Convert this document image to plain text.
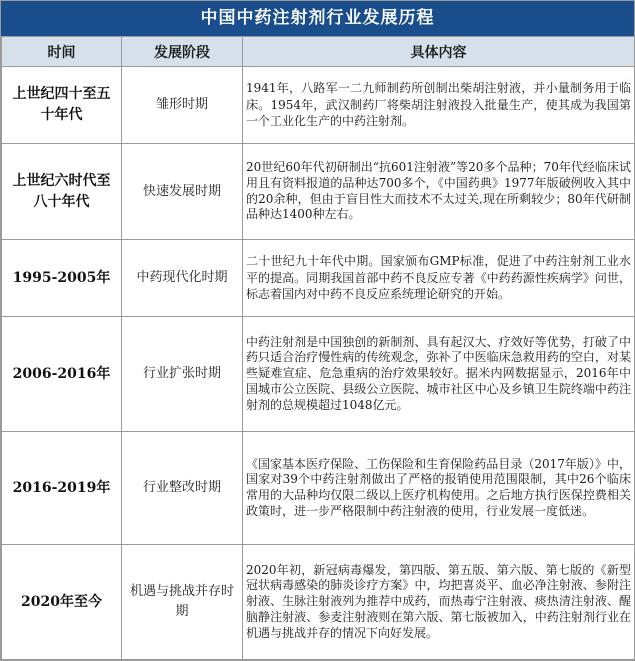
中国中药注射剂行业发展历程
时间	发展阶段	具体内容
上世纪四十至五十年代	雏形时期	1941年，八路军一二九师制药所创制出柴胡注射液，并小量制务用于临床。1954年，武汉制药厂将柴胡注射液投入批量生产，使其成为我国第一个工业化生产的中药注射剂。
上世纪六时代至八十年代	快速发展时期	20世纪60年代初研制出“抗601注射液”等20多个品种；70年代经临床试用且有资料报道的品种达700多个，《中国药典》1977年版破例收入其中的20余种，但由于盲目性大而技术不太过关,现在所剩较少；80年代研制品种达1400种左右。
1995-2005年	中药现代化时期	二十世纪九十年代中期。国家颁布GMP标准，促进了中药注射剂工业水平的提高。同期我国首部中药不良反应专著《中药药源性疾病学》问世，标志着国内对中药不良反应系统理论研究的开始。
2006-2016年	行业扩张时期	中药注射剂是中国独创的新制剂、具有起汉大、疗效好等优势，打破了中药只适合治疗慢性病的传统观念，弥补了中医临床急救用药的空白，对某些疑难宣症、危急重病的治疗效果较好。据米内网数据显示，2016年中国城市公立医院、县级公立医院、城市社区中心及乡镇卫生院终端中药注射剂的总规模超过1048亿元。
2016-2019年	行业整改时期	《国家基本医疗保险、工伤保险和生育保险药品目录（2017年版）》中，国家对39个中药注射剂做出了严格的报销使用范围限制，其中26个临床常用的大品种均仅限二级以上医疗机构使用。之后地方执行医保控费相关政策时，进一步严格限制中药注射液的使用，行业发展一度低迷。
2020年至今	机遇与挑战并存时期	2020年初，新冠病毒爆发，第四版、第五版、第六版、第七版的《新型冠状病毒感染的肺炎诊疗方案》中，均把喜炎平、血必净注射液、参附注射液、生脉注射液列为推荐中成药，而热毒宁注射液、痰热清注射液、醒脑静注射液、参麦注射液则在第六版、第七版被加入，中药注射剂行业在机遇与挑战并存的情况下向好发展。
